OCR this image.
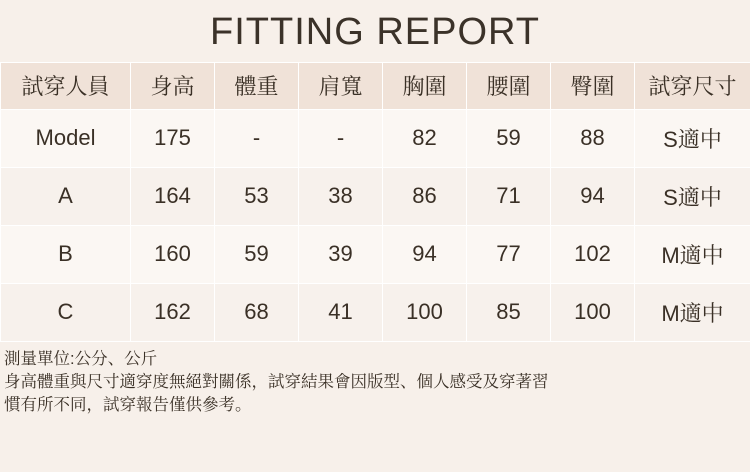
FITTING REPORT
試穿人員	身高	體重	肩寬	胸圍	腰圍	臀圍	試穿尺寸
Model	175	-	-	82	59	88	S適中
A	164	53	38	86	71	94	S適中
B	160	59	39	94	77	102	M適中
C	162	68	41	100	85	100	M適中
測量單位:公分、公斤
身高體重與尺寸適穿度無絕對關係，試穿結果會因版型、個人感受及穿著習
慣有所不同，試穿報告僅供參考。
